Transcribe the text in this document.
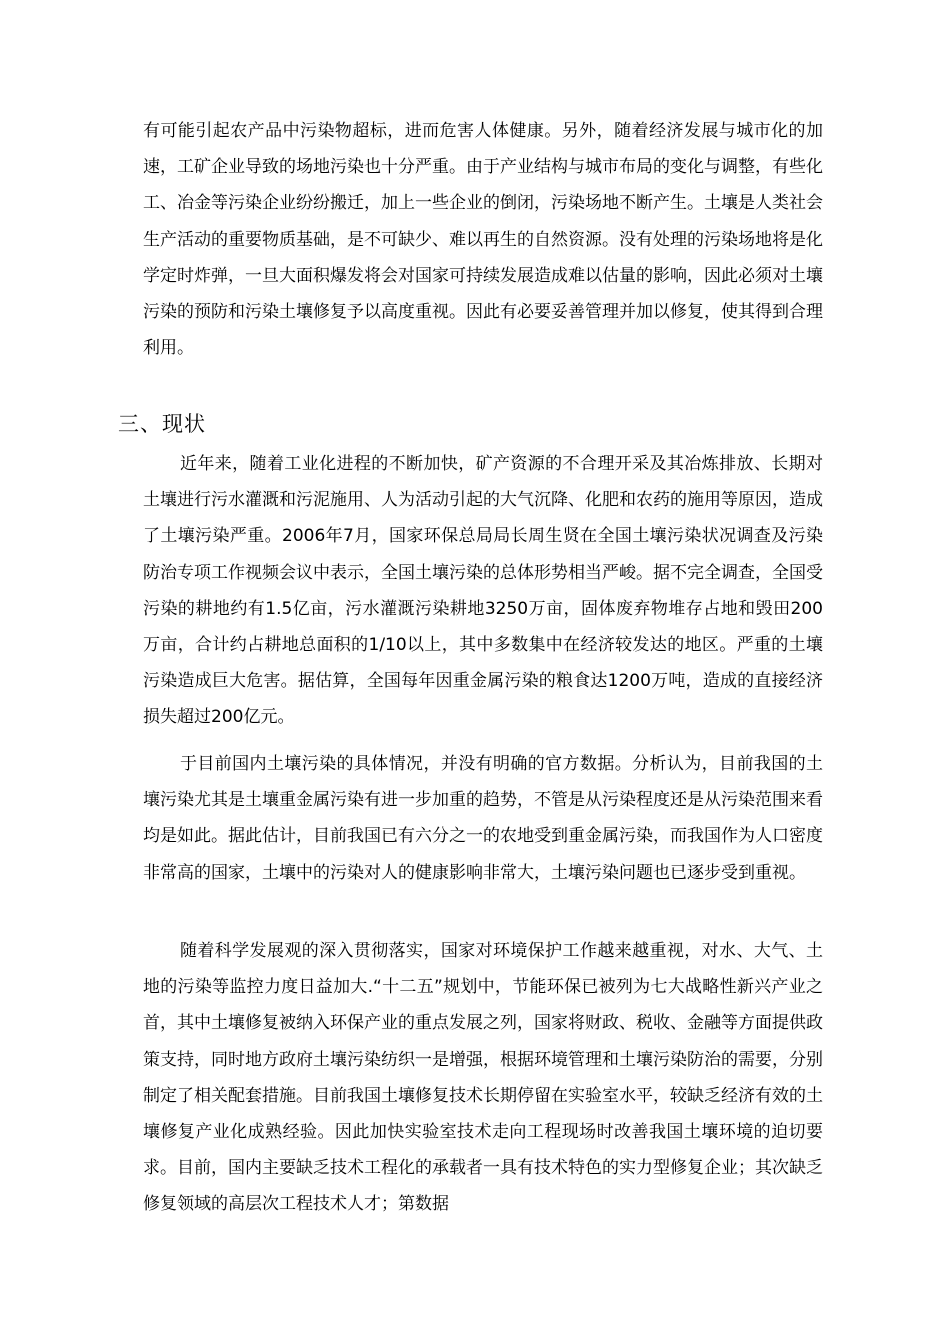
有可能引起农产品中污染物超标，进而危害人体健康。另外，随着经济发展与城市化的加速，工矿企业导致的场地污染也十分严重。由于产业结构与城市布局的变化与调整，有些化工、冶金等污染企业纷纷搬迁，加上一些企业的倒闭，污染场地不断产生。土壤是人类社会生产活动的重要物质基础，是不可缺少、难以再生的自然资源。没有处理的污染场地将是化学定时炸弹，一旦大面积爆发将会对国家可持续发展造成难以估量的影响，因此必须对土壤污染的预防和污染土壤修复予以高度重视。因此有必要妥善管理并加以修复，使其得到合理利用。

三、现状

近年来，随着工业化进程的不断加快，矿产资源的不合理开采及其冶炼排放、长期对土壤进行污水灌溉和污泥施用、人为活动引起的大气沉降、化肥和农药的施用等原因，造成了土壤污染严重。2006年7月，国家环保总局局长周生贤在全国土壤污染状况调查及污染防治专项工作视频会议中表示，全国土壤污染的总体形势相当严峻。据不完全调查，全国受污染的耕地约有1.5亿亩，污水灌溉污染耕地3250万亩，固体废弃物堆存占地和毁田200万亩，合计约占耕地总面积的1/10以上，其中多数集中在经济较发达的地区。严重的土壤污染造成巨大危害。据估算，全国每年因重金属污染的粮食达1200万吨，造成的直接经济损失超过200亿元。

于目前国内土壤污染的具体情况，并没有明确的官方数据。分析认为，目前我国的土壤污染尤其是土壤重金属污染有进一步加重的趋势，不管是从污染程度还是从污染范围来看均是如此。据此估计，目前我国已有六分之一的农地受到重金属污染，而我国作为人口密度非常高的国家，土壤中的污染对人的健康影响非常大，土壤污染问题也已逐步受到重视。

随着科学发展观的深入贯彻落实，国家对环境保护工作越来越重视，对水、大气、土地的污染等监控力度日益加大.“十二五”规划中，节能环保已被列为七大战略性新兴产业之首，其中土壤修复被纳入环保产业的重点发展之列，国家将财政、税收、金融等方面提供政策支持，同时地方政府土壤污染纺织一是增强，根据环境管理和土壤污染防治的需要，分别制定了相关配套措施。目前我国土壤修复技术长期停留在实验室水平，较缺乏经济有效的土壤修复产业化成熟经验。因此加快实验室技术走向工程现场时改善我国土壤环境的迫切要求。目前，国内主要缺乏技术工程化的承载者一具有技术特色的实力型修复企业；其次缺乏修复领域的高层次工程技术人才；第数据
